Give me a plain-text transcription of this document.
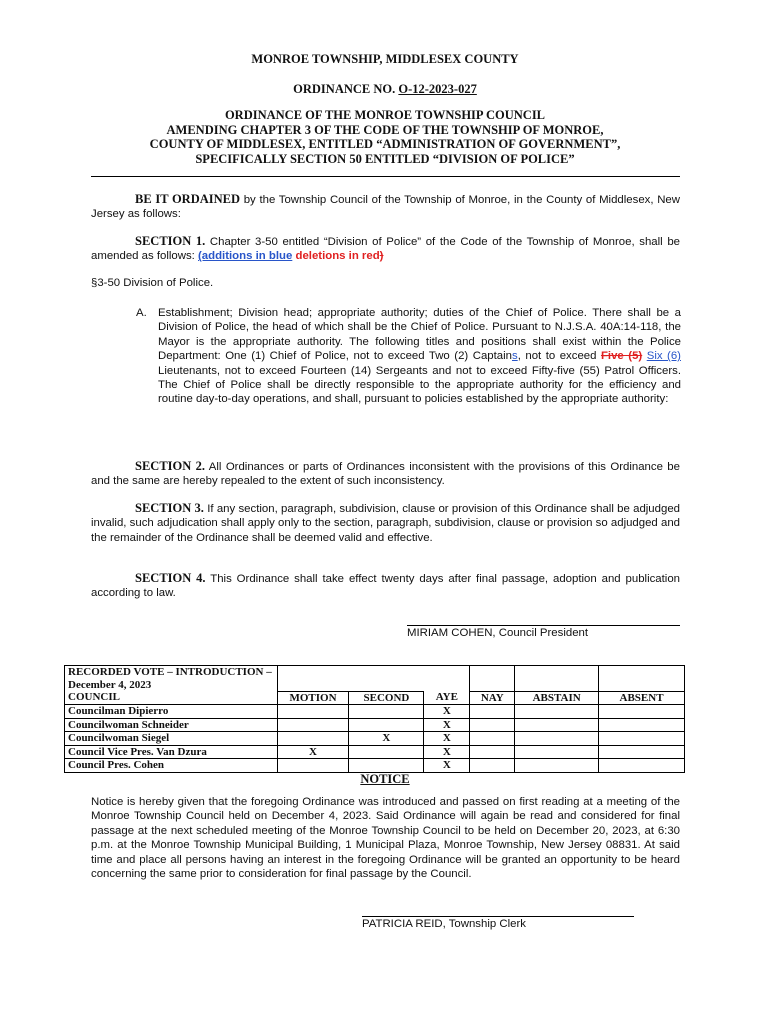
MONROE TOWNSHIP, MIDDLESEX COUNTY
ORDINANCE NO. O-12-2023-027
ORDINANCE OF THE MONROE TOWNSHIP COUNCIL
AMENDING CHAPTER 3 OF THE CODE OF THE TOWNSHIP OF MONROE,
COUNTY OF MIDDLESEX, ENTITLED “ADMINISTRATION OF GOVERNMENT”,
SPECIFICALLY SECTION 50 ENTITLED “DIVISION OF POLICE”

BE IT ORDAINED by the Township Council of the Township of Monroe, in the County of Middlesex, New Jersey as follows:

SECTION 1. Chapter 3-50 entitled “Division of Police” of the Code of the Township of Monroe, shall be amended as follows: (additions in blue deletions in red)

§3-50 Division of Police.

A. Establishment; Division head; appropriate authority; duties of the Chief of Police. There shall be a Division of Police, the head of which shall be the Chief of Police. Pursuant to N.J.S.A. 40A:14-118, the Mayor is the appropriate authority. The following titles and positions shall exist within the Police Department: One (1) Chief of Police, not to exceed Two (2) Captains, not to exceed Five (5) Six (6) Lieutenants, not to exceed Fourteen (14) Sergeants and not to exceed Fifty-five (55) Patrol Officers. The Chief of Police shall be directly responsible to the appropriate authority for the efficiency and routine day-to-day operations, and shall, pursuant to policies established by the appropriate authority:

SECTION 2. All Ordinances or parts of Ordinances inconsistent with the provisions of this Ordinance be and the same are hereby repealed to the extent of such inconsistency.

SECTION 3. If any section, paragraph, subdivision, clause or provision of this Ordinance shall be adjudged invalid, such adjudication shall apply only to the section, paragraph, subdivision, clause or provision so adjudged and the remainder of the Ordinance shall be deemed valid and effective.

SECTION 4. This Ordinance shall take effect twenty days after final passage, adoption and publication according to law.

MIRIAM COHEN, Council President
RECORDED VOTE – INTRODUCTION – December 4, 2023						
COUNCIL	MOTION	SECOND	AYE	NAY	ABSTAIN	ABSENT
Councilman Dipierro			X			
Councilwoman Schneider			X			
Councilwoman Siegel		X	X			
Council Vice Pres. Van Dzura	X		X			
Council Pres. Cohen			X			
NOTICE

Notice is hereby given that the foregoing Ordinance was introduced and passed on first reading at a meeting of the Monroe Township Council held on December 4, 2023. Said Ordinance will again be read and considered for final passage at the next scheduled meeting of the Monroe Township Council to be held on December 20, 2023, at 6:30 p.m. at the Monroe Township Municipal Building, 1 Municipal Plaza, Monroe Township, New Jersey 08831. At said time and place all persons having an interest in the foregoing Ordinance will be granted an opportunity to be heard concerning the same prior to consideration for final passage by the Council.

PATRICIA REID, Township Clerk
